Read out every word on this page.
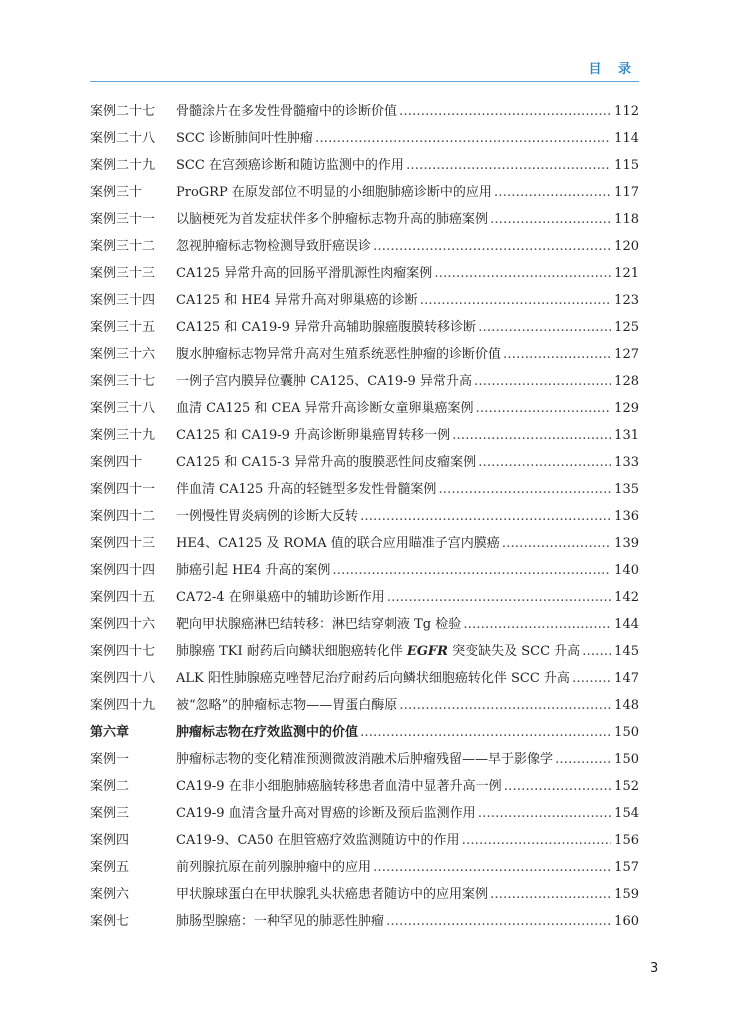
目 录
案例二十七	骨髓涂片在多发性骨髓瘤中的诊断价值 ………………………………………………………………………………………………………………………………………	112
案例二十八	SCC 诊断肺间叶性肿瘤 ………………………………………………………………………………………………………………………………………	114
案例二十九	SCC 在宫颈癌诊断和随访监测中的作用 ………………………………………………………………………………………………………………………………………	115
案例三十	ProGRP 在原发部位不明显的小细胞肺癌诊断中的应用 ………………………………………………………………………………………………………………………………………	117
案例三十一	以脑梗死为首发症状伴多个肿瘤标志物升高的肺癌案例 ………………………………………………………………………………………………………………………………………	118
案例三十二	忽视肿瘤标志物检测导致肝癌误诊 ………………………………………………………………………………………………………………………………………	120
案例三十三	CA125 异常升高的回肠平滑肌源性肉瘤案例 ………………………………………………………………………………………………………………………………………	121
案例三十四	CA125 和 HE4 异常升高对卵巢癌的诊断 ………………………………………………………………………………………………………………………………………	123
案例三十五	CA125 和 CA19-9 异常升高辅助腺癌腹膜转移诊断 ………………………………………………………………………………………………………………………………………	125
案例三十六	腹水肿瘤标志物异常升高对生殖系统恶性肿瘤的诊断价值 ………………………………………………………………………………………………………………………………………	127
案例三十七	一例子宫内膜异位囊肿 CA125、CA19-9 异常升高 ………………………………………………………………………………………………………………………………………	128
案例三十八	血清 CA125 和 CEA 异常升高诊断女童卵巢癌案例 ………………………………………………………………………………………………………………………………………	129
案例三十九	CA125 和 CA19-9 升高诊断卵巢癌胃转移一例 ………………………………………………………………………………………………………………………………………	131
案例四十	CA125 和 CA15-3 异常升高的腹膜恶性间皮瘤案例 ………………………………………………………………………………………………………………………………………	133
案例四十一	伴血清 CA125 升高的轻链型多发性骨髓案例 ………………………………………………………………………………………………………………………………………	135
案例四十二	一例慢性胃炎病例的诊断大反转 ………………………………………………………………………………………………………………………………………	136
案例四十三	HE4、CA125 及 ROMA 值的联合应用瞄准子宫内膜癌 ………………………………………………………………………………………………………………………………………	139
案例四十四	肺癌引起 HE4 升高的案例 ………………………………………………………………………………………………………………………………………	140
案例四十五	CA72-4 在卵巢癌中的辅助诊断作用 ………………………………………………………………………………………………………………………………………	142
案例四十六	靶向甲状腺癌淋巴结转移：淋巴结穿刺液 Tg 检验 ………………………………………………………………………………………………………………………………………	144
案例四十七	肺腺癌 TKI 耐药后向鳞状细胞癌转化伴 EGFR 突变缺失及 SCC 升高 ………………………………………………………………………………………………………………………………………	145
案例四十八	ALK 阳性肺腺癌克唑替尼治疗耐药后向鳞状细胞癌转化伴 SCC 升高 ………………………………………………………………………………………………………………………………………	147
案例四十九	被“忽略”的肿瘤标志物——胃蛋白酶原 ………………………………………………………………………………………………………………………………………	148
第六章	肿瘤标志物在疗效监测中的价值 ………………………………………………………………………………………………………………………………………	150
案例一	肿瘤标志物的变化精准预测微波消融术后肿瘤残留——早于影像学 ………………………………………………………………………………………………………………………………………	150
案例二	CA19-9 在非小细胞肺癌脑转移患者血清中显著升高一例 ………………………………………………………………………………………………………………………………………	152
案例三	CA19-9 血清含量升高对胃癌的诊断及预后监测作用 ………………………………………………………………………………………………………………………………………	154
案例四	CA19-9、CA50 在胆管癌疗效监测随访中的作用 ………………………………………………………………………………………………………………………………………	156
案例五	前列腺抗原在前列腺肿瘤中的应用 ………………………………………………………………………………………………………………………………………	157
案例六	甲状腺球蛋白在甲状腺乳头状癌患者随访中的应用案例 ………………………………………………………………………………………………………………………………………	159
案例七	肺肠型腺癌：一种罕见的肺恶性肿瘤 ………………………………………………………………………………………………………………………………………	160
3
